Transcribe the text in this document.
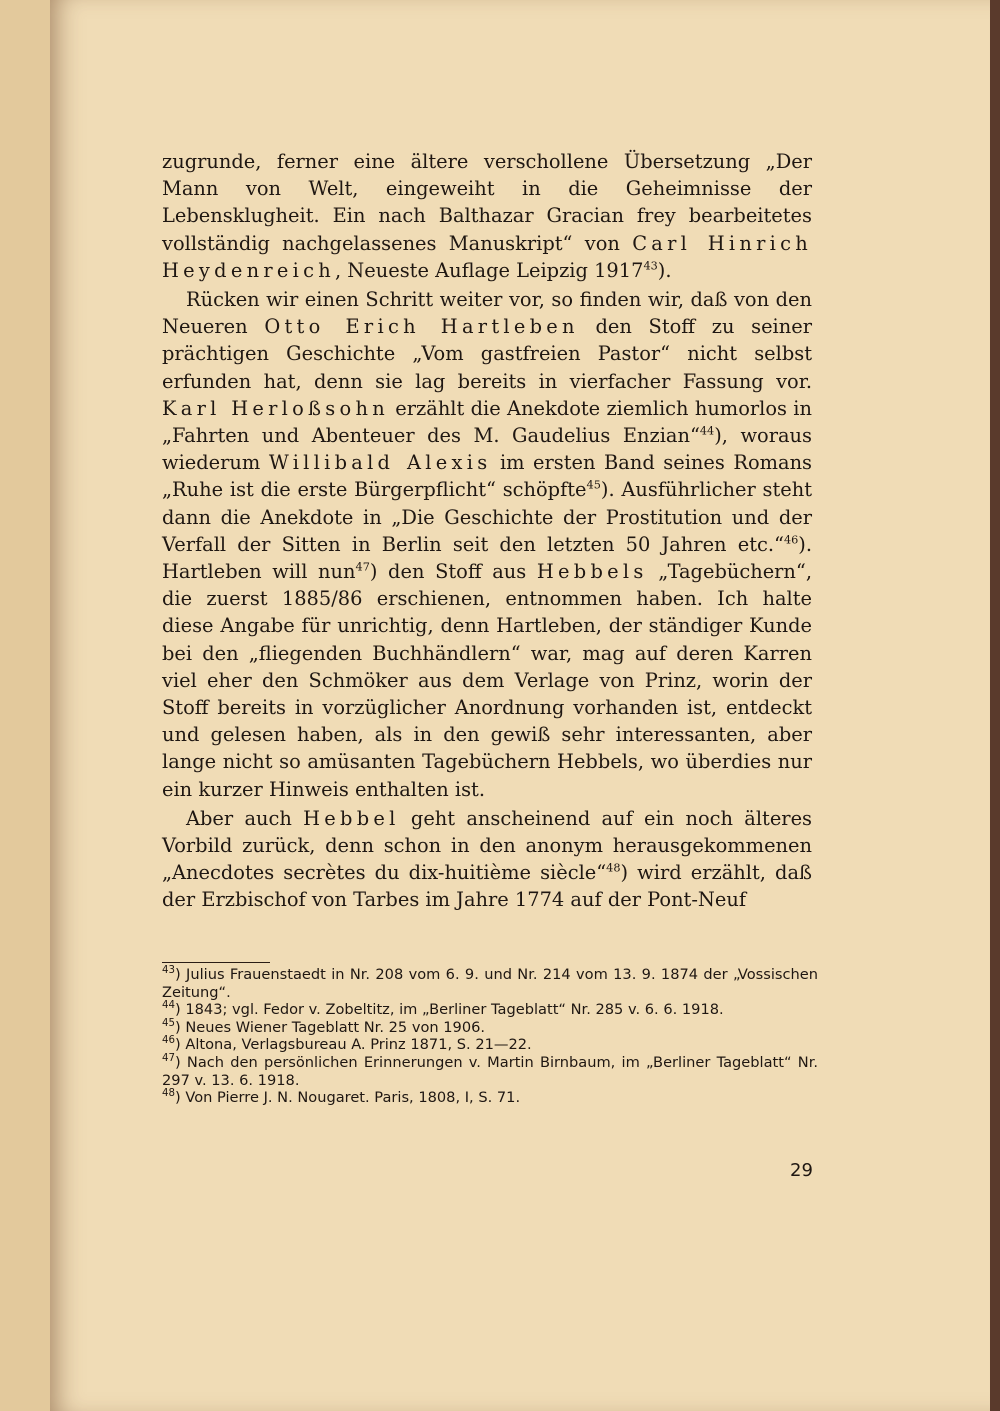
zugrunde, ferner eine ältere verschollene Übersetzung „Der Mann von Welt, eingeweiht in die Geheimnisse der Lebensklugheit. Ein nach Balthazar Gracian frey bearbeitetes vollständig nachgelassenes Manuskript“ von Carl Hinrich Heydenreich, Neueste Auflage Leipzig 1917$^{43}$).

Rücken wir einen Schritt weiter vor, so finden wir, daß von den Neueren Otto Erich Hartleben den Stoff zu seiner prächtigen Geschichte „Vom gastfreien Pastor“ nicht selbst erfunden hat, denn sie lag bereits in vierfacher Fassung vor. Karl Herloßsohn erzählt die Anekdote ziemlich humorlos in „Fahrten und Abenteuer des M. Gaudelius Enzian“$^{44}$), woraus wiederum Willibald Alexis im ersten Band seines Romans „Ruhe ist die erste Bürgerpflicht“ schöpfte$^{45}$). Ausführlicher steht dann die Anekdote in „Die Geschichte der Prostitution und der Verfall der Sitten in Berlin seit den letzten 50 Jahren etc.“$^{46}$). Hartleben will nun$^{47}$) den Stoff aus Hebbels „Tagebüchern“, die zuerst 1885/86 erschienen, entnommen haben. Ich halte diese Angabe für unrichtig, denn Hartleben, der ständiger Kunde bei den „fliegenden Buchhändlern“ war, mag auf deren Karren viel eher den Schmöker aus dem Verlage von Prinz, worin der Stoff bereits in vorzüglicher Anordnung vorhanden ist, entdeckt und gelesen haben, als in den gewiß sehr interessanten, aber lange nicht so amüsanten Tagebüchern Hebbels, wo überdies nur ein kurzer Hinweis enthalten ist.

Aber auch Hebbel geht anscheinend auf ein noch älteres Vorbild zurück, denn schon in den anonym herausgekommenen „Anecdotes secrètes du dix-huitième siècle“$^{48}$) wird erzählt, daß der Erzbischof von Tarbes im Jahre 1774 auf der Pont-Neuf

$^{43}$) Julius Frauenstaedt in Nr. 208 vom 6. 9. und Nr. 214 vom 13. 9. 1874 der „Vossischen Zeitung“.

$^{44}$) 1843; vgl. Fedor v. Zobeltitz, im „Berliner Tageblatt“ Nr. 285 v. 6. 6. 1918.

$^{45}$) Neues Wiener Tageblatt Nr. 25 von 1906.

$^{46}$) Altona, Verlagsbureau A. Prinz 1871, S. 21—22.

$^{47}$) Nach den persönlichen Erinnerungen v. Martin Birnbaum, im „Berliner Tageblatt“ Nr. 297 v. 13. 6. 1918.

$^{48}$) Von Pierre J. N. Nougaret. Paris, 1808, I, S. 71.

29
